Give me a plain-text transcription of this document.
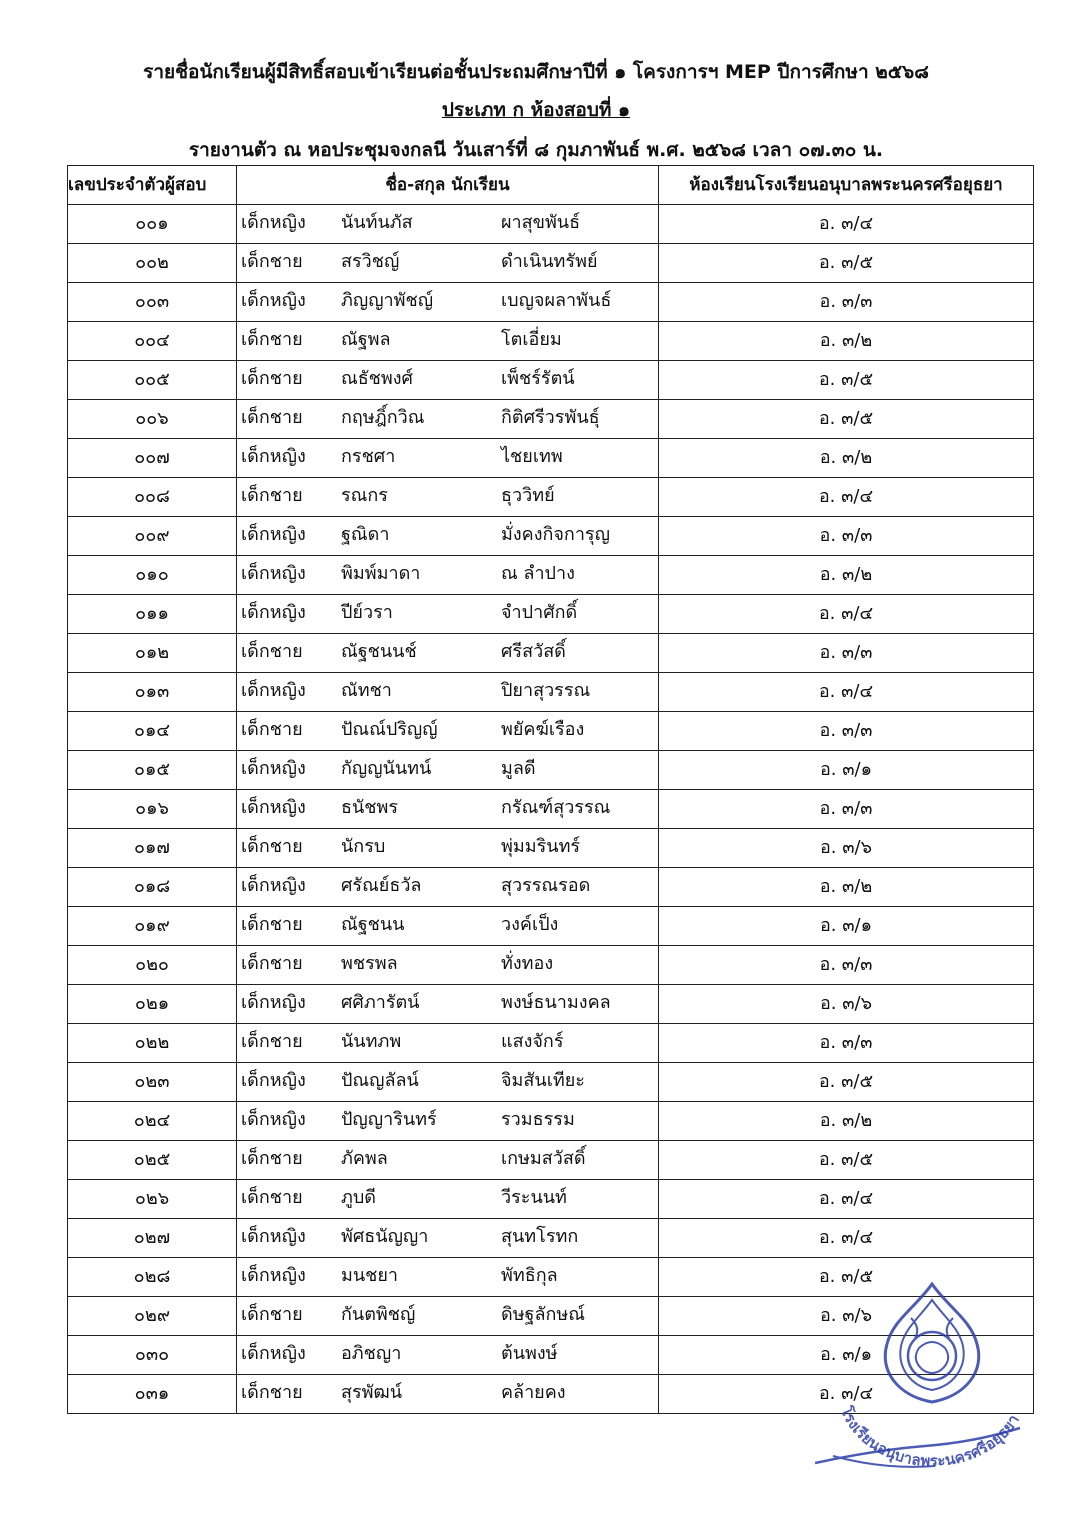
รายชื่อนักเรียนผู้มีสิทธิ์สอบเข้าเรียนต่อชั้นประถมศึกษาปีที่ ๑ โครงการฯ MEP ปีการศึกษา ๒๕๖๘
ประเภท ก ห้องสอบที่ ๑
รายงานตัว ณ หอประชุมจงกลนี วันเสาร์ที่ ๘ กุมภาพันธ์ พ.ศ. ๒๕๖๘ เวลา ๐๗.๓๐ น.
เลขประจำตัวผู้สอบ	ชื่อ-สกุล นักเรียน	ห้องเรียนโรงเรียนอนุบาลพระนครศรีอยุธยา
๐๐๑	เด็กหญิง นันท์นภัส ผาสุขพันธ์	อ. ๓/๔
๐๐๒	เด็กชาย สรวิชญ์ ดำเนินทรัพย์	อ. ๓/๕
๐๐๓	เด็กหญิง ภิญญาพัชญ์ เบญจผลาพันธ์	อ. ๓/๓
๐๐๔	เด็กชาย ณัฐพล โตเอี่ยม	อ. ๓/๒
๐๐๕	เด็กชาย ณธัชพงศ์ เพ็ชร์รัตน์	อ. ๓/๕
๐๐๖	เด็กชาย กฤษฎิ์กวิณ กิติศรีวรพันธุ์	อ. ๓/๕
๐๐๗	เด็กหญิง กรชศา ไชยเทพ	อ. ๓/๒
๐๐๘	เด็กชาย รณกร ธุววิทย์	อ. ๓/๔
๐๐๙	เด็กหญิง ฐณิดา มั่งคงกิจการุญ	อ. ๓/๓
๐๑๐	เด็กหญิง พิมพ์มาดา ณ ลำปาง	อ. ๓/๒
๐๑๑	เด็กหญิง ปีย์วรา จำปาศักดิ์	อ. ๓/๔
๐๑๒	เด็กชาย ณัฐชนนช์ ศรีสวัสดิ์	อ. ๓/๓
๐๑๓	เด็กหญิง ณัทชา ปิยาสุวรรณ	อ. ๓/๔
๐๑๔	เด็กชาย ปัณณ์ปริญญ์ พยัคฆ์เรือง	อ. ๓/๓
๐๑๕	เด็กหญิง กัญญนันทน์ มูลดี	อ. ๓/๑
๐๑๖	เด็กหญิง ธนัชพร กรัณฑ์สุวรรณ	อ. ๓/๓
๐๑๗	เด็กชาย นักรบ พุ่มมรินทร์	อ. ๓/๖
๐๑๘	เด็กหญิง ศรัณย์ธวัล สุวรรณรอด	อ. ๓/๒
๐๑๙	เด็กชาย ณัฐชนน วงค์เป็ง	อ. ๓/๑
๐๒๐	เด็กชาย พชรพล ทั่งทอง	อ. ๓/๓
๐๒๑	เด็กหญิง ศศิภารัตน์ พงษ์ธนามงคล	อ. ๓/๖
๐๒๒	เด็กชาย นันทภพ แสงจักร์	อ. ๓/๓
๐๒๓	เด็กหญิง ปัณญลัลน์ จิมสันเทียะ	อ. ๓/๕
๐๒๔	เด็กหญิง ปัญญารินทร์ รวมธรรม	อ. ๓/๒
๐๒๕	เด็กชาย ภัคพล เกษมสวัสดิ์	อ. ๓/๕
๐๒๖	เด็กชาย ภูบดี วีระนนท์	อ. ๓/๔
๐๒๗	เด็กหญิง พัศธนัญญา สุนทโรทก	อ. ๓/๔
๐๒๘	เด็กหญิง มนชยา พัทธิกุล	อ. ๓/๕
๐๒๙	เด็กชาย กันตพิชญ์ ดิษฐลักษณ์	อ. ๓/๖
๐๓๐	เด็กหญิง อภิชญา ต้นพงษ์	อ. ๓/๑
๐๓๑	เด็กชาย สุรพัฒน์ คล้ายคง	อ. ๓/๔
โรงเรียนอนุบาลพระนครศรีอยุธยา
